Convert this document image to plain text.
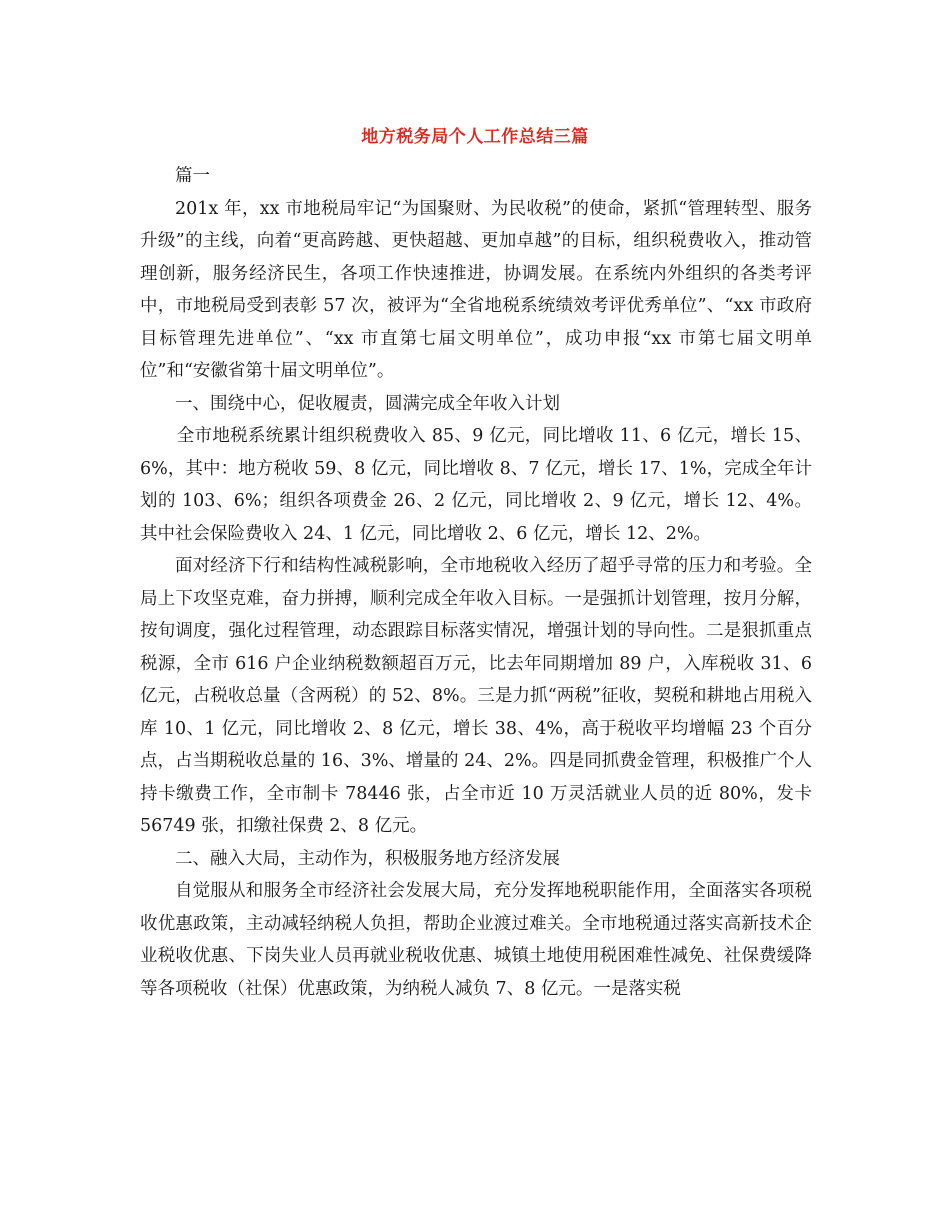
地方税务局个人工作总结三篇

篇一

201x 年，xx 市地税局牢记“为国聚财、为民收税”的使命，紧抓“管理转型、服务升级”的主线，向着“更高跨越、更快超越、更加卓越”的目标，组织税费收入，推动管理创新，服务经济民生，各项工作快速推进，协调发展。在系统内外组织的各类考评中，市地税局受到表彰 57 次，被评为“全省地税系统绩效考评优秀单位”、“xx 市政府目标管理先进单位”、“xx 市直第七届文明单位”，成功申报“xx 市第七届文明单位”和“安徽省第十届文明单位”。

一、围绕中心，促收履责，圆满完成全年收入计划

全市地税系统累计组织税费收入 85、9 亿元，同比增收 11、6 亿元，增长 15、6%，其中：地方税收 59、8 亿元，同比增收 8、7 亿元，增长 17、1%，完成全年计划的 103、6%；组织各项费金 26、2 亿元，同比增收 2、9 亿元，增长 12、4%。其中社会保险费收入 24、1 亿元，同比增收 2、6 亿元，增长 12、2%。

面对经济下行和结构性减税影响，全市地税收入经历了超乎寻常的压力和考验。全局上下攻坚克难，奋力拼搏，顺利完成全年收入目标。一是强抓计划管理，按月分解，按旬调度，强化过程管理，动态跟踪目标落实情况，增强计划的导向性。二是狠抓重点税源，全市 616 户企业纳税数额超百万元，比去年同期增加 89 户，入库税收 31、6 亿元，占税收总量（含两税）的 52、8%。三是力抓“两税”征收，契税和耕地占用税入库 10、1 亿元，同比增收 2、8 亿元，增长 38、4%，高于税收平均增幅 23 个百分点，占当期税收总量的 16、3%、增量的 24、2%。四是同抓费金管理，积极推广个人持卡缴费工作，全市制卡 78446 张，占全市近 10 万灵活就业人员的近 80%，发卡 56749 张，扣缴社保费 2、8 亿元。

二、融入大局，主动作为，积极服务地方经济发展

自觉服从和服务全市经济社会发展大局，充分发挥地税职能作用，全面落实各项税收优惠政策，主动减轻纳税人负担，帮助企业渡过难关。全市地税通过落实高新技术企业税收优惠、下岗失业人员再就业税收优惠、城镇土地使用税困难性减免、社保费缓降等各项税收（社保）优惠政策，为纳税人减负 7、8 亿元。一是落实税
